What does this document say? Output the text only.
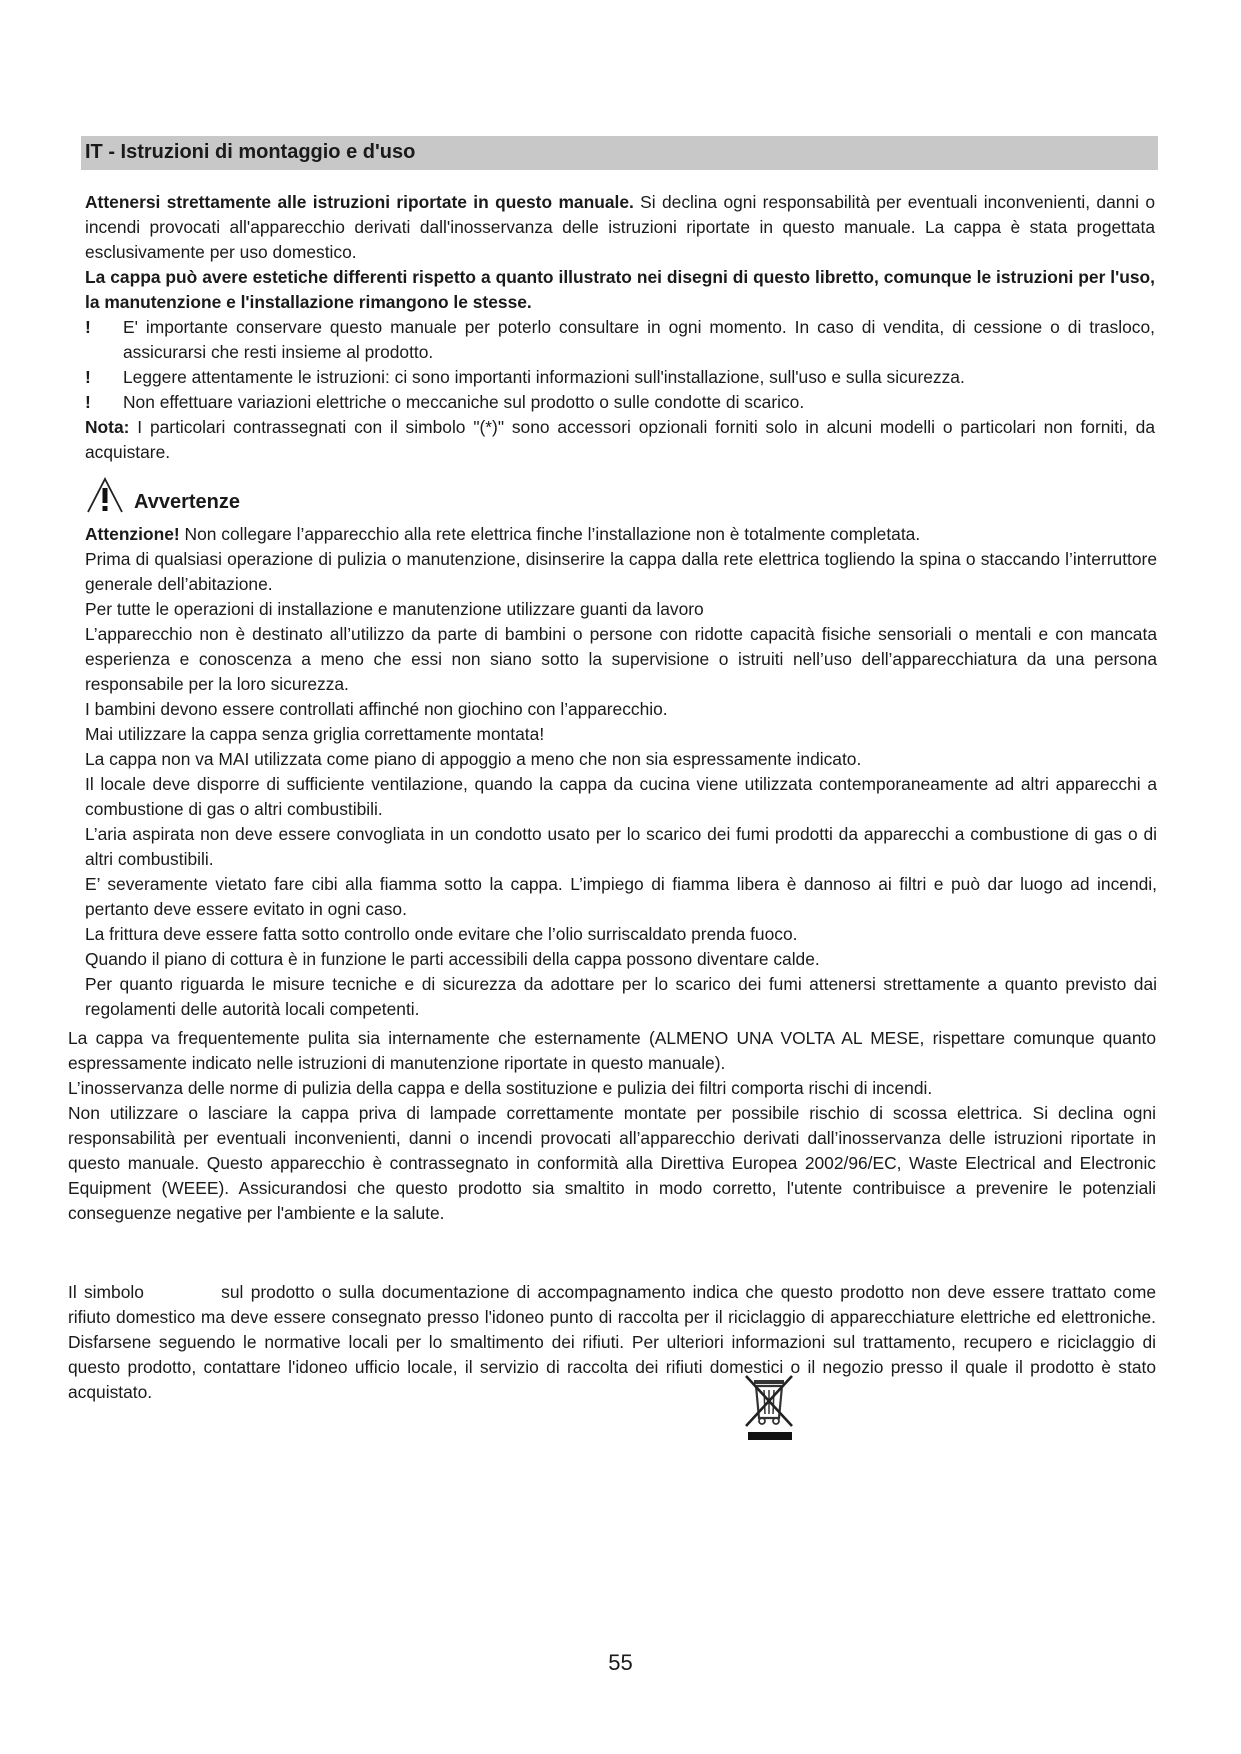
IT - Istruzioni di montaggio e d'uso

Attenersi strettamente alle istruzioni riportate in questo manuale. Si declina ogni responsabilità per eventuali inconvenienti, danni o incendi provocati all'apparecchio derivati dall'inosservanza delle istruzioni riportate in questo manuale. La cappa è stata progettata esclusivamente per uso domestico.

La cappa può avere estetiche differenti rispetto a quanto illustrato nei disegni di questo libretto, comunque le istruzioni per l'uso, la manutenzione e l'installazione rimangono le stesse.

! E' importante conservare questo manuale per poterlo consultare in ogni momento. In caso di vendita, di cessione o di trasloco, assicurarsi che resti insieme al prodotto.

! Leggere attentamente le istruzioni: ci sono importanti informazioni sull'installazione, sull'uso e sulla sicurezza.

! Non effettuare variazioni elettriche o meccaniche sul prodotto o sulle condotte di scarico.

Nota: I particolari contrassegnati con il simbolo "(*)" sono accessori opzionali forniti solo in alcuni modelli o particolari non forniti, da acquistare.

Avvertenze

Attenzione! Non collegare l’apparecchio alla rete elettrica finche l’installazione non è totalmente completata.

Prima di qualsiasi operazione di pulizia o manutenzione, disinserire la cappa dalla rete elettrica togliendo la spina o staccando l’interruttore generale dell’abitazione.

Per tutte le operazioni di installazione e manutenzione utilizzare guanti da lavoro

L’apparecchio non è destinato all’utilizzo da parte di bambini o persone con ridotte capacità fisiche sensoriali o mentali e con mancata esperienza e conoscenza a meno che essi non siano sotto la supervisione o istruiti nell’uso dell’apparecchiatura da una persona responsabile per la loro sicurezza.

I bambini devono essere controllati affinché non giochino con l’apparecchio.

Mai utilizzare la cappa senza griglia correttamente montata!

La cappa non va MAI utilizzata come piano di appoggio a meno che non sia espressamente indicato.

Il locale deve disporre di sufficiente ventilazione, quando la cappa da cucina viene utilizzata contemporaneamente ad altri apparecchi a combustione di gas o altri combustibili.

L’aria aspirata non deve essere convogliata in un condotto usato per lo scarico dei fumi prodotti da apparecchi a combustione di gas o di altri combustibili.

E’ severamente vietato fare cibi alla fiamma sotto la cappa. L’impiego di fiamma libera è dannoso ai filtri e può dar luogo ad incendi, pertanto deve essere evitato in ogni caso.

La frittura deve essere fatta sotto controllo onde evitare che l’olio surriscaldato prenda fuoco.

Quando il piano di cottura è in funzione le parti accessibili della cappa possono diventare calde.

Per quanto riguarda le misure tecniche e di sicurezza da adottare per lo scarico dei fumi attenersi strettamente a quanto previsto dai regolamenti delle autorità locali competenti.

La cappa va frequentemente pulita sia internamente che esternamente (ALMENO UNA VOLTA AL MESE, rispettare comunque quanto espressamente indicato nelle istruzioni di manutenzione riportate in questo manuale).

L’inosservanza delle norme di pulizia della cappa e della sostituzione e pulizia dei filtri comporta rischi di incendi.

Non utilizzare o lasciare la cappa priva di lampade correttamente montate per possibile rischio di scossa elettrica. Si declina ogni responsabilità per eventuali inconvenienti, danni o incendi provocati all’apparecchio derivati dall’inosservanza delle istruzioni riportate in questo manuale. Questo apparecchio è contrassegnato in conformità alla Direttiva Europea 2002/96/EC, Waste Electrical and Electronic Equipment (WEEE). Assicurandosi che questo prodotto sia smaltito in modo corretto, l'utente contribuisce a prevenire le potenziali conseguenze negative per l'ambiente e la salute.

Il simbolo	sul prodotto o sulla documentazione di accompagnamento indica che questo prodotto non deve essere trattato come rifiuto domestico ma deve essere consegnato presso l'idoneo punto di raccolta per il riciclaggio di apparecchiature elettriche ed elettroniche. Disfarsene seguendo le normative locali per lo smaltimento dei rifiuti. Per ulteriori informazioni sul trattamento, recupero e riciclaggio di questo prodotto, contattare l'idoneo ufficio locale, il servizio di raccolta dei rifiuti domestici o il negozio presso il quale il prodotto è stato acquistato.

55
